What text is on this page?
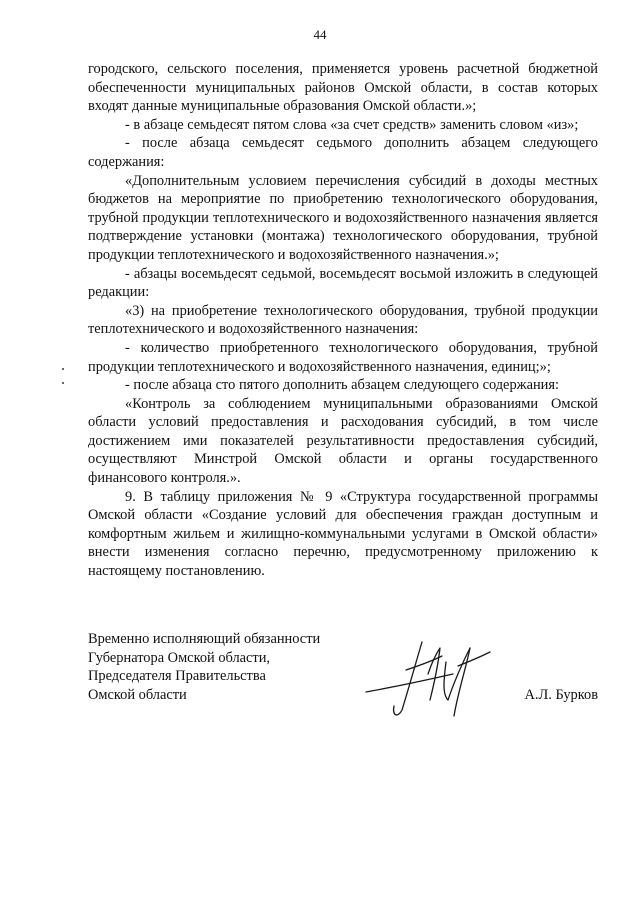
44

городского, сельского поселения, применяется уровень расчетной бюджетной обеспеченности муниципальных районов Омской области, в состав которых входят данные муниципальные образования Омской области.»;

- в абзаце семьдесят пятом слова «за счет средств» заменить словом «из»;

- после абзаца семьдесят седьмого дополнить абзацем следующего содержания:

«Дополнительным условием перечисления субсидий в доходы местных бюджетов на мероприятие по приобретению технологического оборудования, трубной продукции теплотехнического и водохозяйственного назначения является подтверждение установки (монтажа) технологического оборудования, трубной продукции теплотехнического и водохозяйственного назначения.»;

- абзацы восемьдесят седьмой, восемьдесят восьмой изложить в следующей редакции:

«3) на приобретение технологического оборудования, трубной продукции теплотехнического и водохозяйственного назначения:

- количество приобретенного технологического оборудования, трубной продукции теплотехнического и водохозяйственного назначения, единиц;»;

- после абзаца сто пятого дополнить абзацем следующего содержания:

«Контроль за соблюдением муниципальными образованиями Омской области условий предоставления и расходования субсидий, в том числе достижением ими показателей результативности предоставления субсидий, осуществляют Минстрой Омской области и органы государственного финансового контроля.».

9. В таблицу приложения № 9 «Структура государственной программы Омской области «Создание условий для обеспечения граждан доступным и комфортным жильем и жилищно-коммунальными услугами в Омской области» внести изменения согласно перечню, предусмотренному приложению к настоящему постановлению.

Временно исполняющий обязанности

Губернатора Омской области,

Председателя Правительства

Омской области	А.Л. Бурков
